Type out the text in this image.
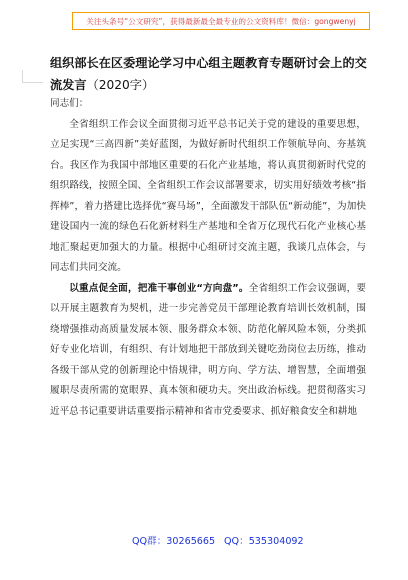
关注头条号“公文研究”，获得最新最全最专业的公文资料库！微信：gongwenyj
组织部长在区委理论学习中心组主题教育专题研讨会上的交流发言（2020字）

同志们：

全省组织工作会议全面贯彻习近平总书记关于党的建设的重要思想，立足实现“三高四新”美好蓝图，为做好新时代组织工作领航导向、夯基筑台。我区作为我国中部地区重要的石化产业基地，将认真贯彻新时代党的组织路线，按照全国、全省组织工作会议部署要求，切实用好绩效考核“指挥棒”，着力搭建比选择优“赛马场”，全面激发干部队伍“新动能”，为加快建设国内一流的绿色石化新材料生产基地和全省万亿现代石化产业核心基地汇聚起更加强大的力量。根据中心组研讨交流主题，我谈几点体会，与同志们共同交流。

以重点促全面，把准干事创业“方向盘”。全省组织工作会议强调，要以开展主题教育为契机，进一步完善党员干部理论教育培训长效机制，围绕增强推动高质量发展本领、服务群众本领、防范化解风险本领，分类抓好专业化培训，有组织、有计划地把干部放到关键吃劲岗位去历练，推动各级干部从党的创新理论中悟规律，明方向、学方法、增智慧，全面增强履职尽责所需的宽眼界、真本领和硬功夫。突出政治标线。把贯彻落实习近平总书记重要讲话重要指示精神和省市党委要求、抓好粮食安全和耕地

QQ群：30265665 QQ：535304092
